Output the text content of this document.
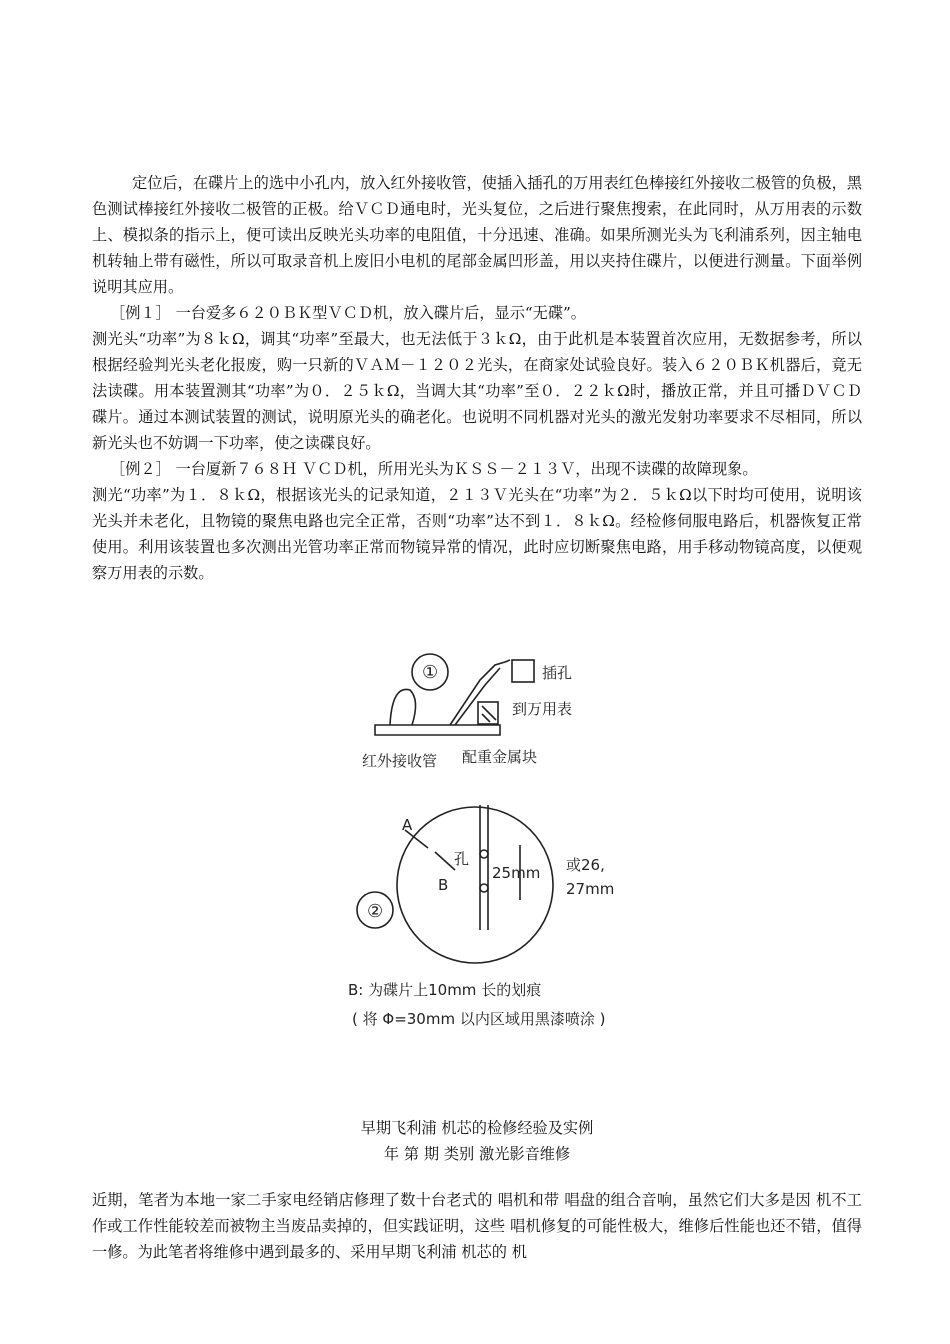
定位后，在碟片上的选中小孔内，放入红外接收管，使插入插孔的万用表红色棒接红外接收二极管的负极，黑色测试棒接红外接收二极管的正极。给ＶＣＤ通电时，光头复位，之后进行聚焦搜索，在此同时，从万用表的示数上、模拟条的指示上，便可读出反映光头功率的电阻值，十分迅速、准确。如果所测光头为飞利浦系列，因主轴电机转轴上带有磁性，所以可取录音机上废旧小电机的尾部金属凹形盖，用以夹持住碟片，以便进行测量。下面举例说明其应用。
［例１］ 一台爱多６２０ＢＫ型ＶＣＤ机，放入碟片后，显示“无碟”。
测光头“功率”为８ｋΩ，调其“功率”至最大，也无法低于３ｋΩ，由于此机是本装置首次应用，无数据参考，所以根据经验判光头老化报废，购一只新的ＶＡＭ－１２０２光头，在商家处试验良好。装入６２０ＢＫ机器后，竟无法读碟。用本装置测其“功率”为０．２５ｋΩ，当调大其“功率”至０．２２ｋΩ时，播放正常，并且可播ＤＶＣＤ碟片。通过本测试装置的测试，说明原光头的确老化。也说明不同机器对光头的激光发射功率要求不尽相同，所以新光头也不妨调一下功率，使之读碟良好。
［例２］ 一台厦新７６８Ｈ ＶＣＤ机，所用光头为ＫＳＳ－２１３Ｖ，出现不读碟的故障现象。
测光“功率”为１．８ｋΩ，根据该光头的记录知道，２１３Ｖ光头在“功率”为２．５ｋΩ以下时均可使用，说明该光头并未老化，且物镜的聚焦电路也完全正常，否则“功率”达不到１．８ｋΩ。经检修伺服电路后，机器恢复正常使用。利用该装置也多次测出光管功率正常而物镜异常的情况，此时应切断聚焦电路，用手移动物镜高度，以便观察万用表的示数。
①	插孔
到万用表
红外接收管 配重金属块
②
A
B
孔
25mm 或26,
27mm
B: 为碟片上10mm 长的划痕
( 将 Φ=30mm 以内区域用黑漆喷涂 )
早期飞利浦 机芯的检修经验及实例
年 第 期 类别 激光影音维修
近期，笔者为本地一家二手家电经销店修理了数十台老式的 唱机和带 唱盘的组合音响，虽然它们大多是因 机不工作或工作性能较差而被物主当废品卖掉的，但实践证明，这些 唱机修复的可能性极大，维修后性能也还不错，值得一修。为此笔者将维修中遇到最多的、采用早期飞利浦 机芯的 机
